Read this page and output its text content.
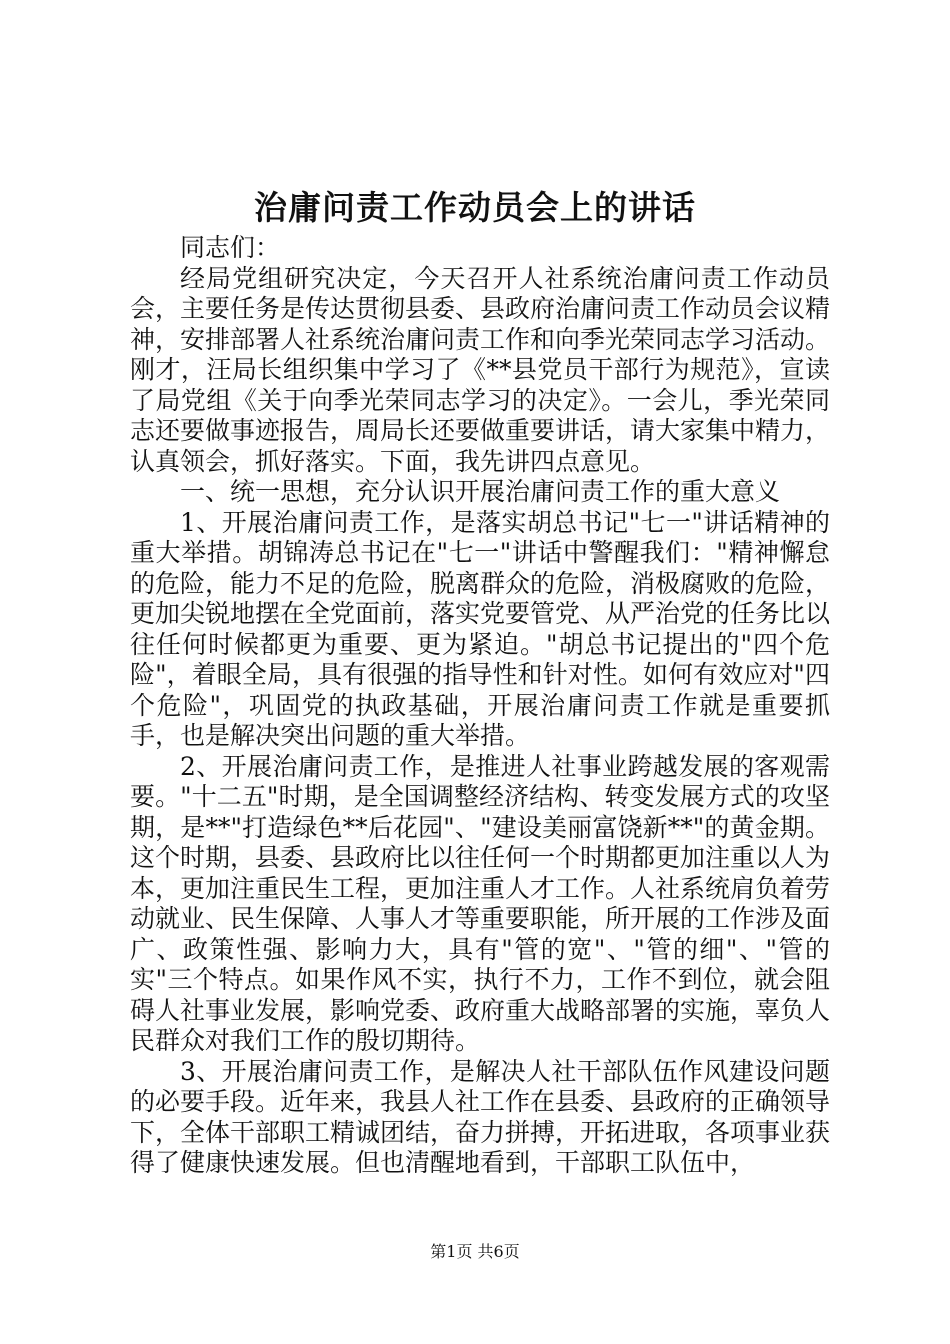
治庸问责工作动员会上的讲话

同志们：

经局党组研究决定，今天召开人社系统治庸问责工作动员会，主要任务是传达贯彻县委、县政府治庸问责工作动员会议精神，安排部署人社系统治庸问责工作和向季光荣同志学习活动。刚才，汪局长组织集中学习了《**县党员干部行为规范》，宣读了局党组《关于向季光荣同志学习的决定》。一会儿，季光荣同志还要做事迹报告，周局长还要做重要讲话，请大家集中精力，认真领会，抓好落实。下面，我先讲四点意见。

一、统一思想，充分认识开展治庸问责工作的重大意义

1、开展治庸问责工作，是落实胡总书记"七一"讲话精神的重大举措。胡锦涛总书记在"七一"讲话中警醒我们："精神懈怠的危险，能力不足的危险，脱离群众的危险，消极腐败的危险，更加尖锐地摆在全党面前，落实党要管党、从严治党的任务比以往任何时候都更为重要、更为紧迫。"胡总书记提出的"四个危险"，着眼全局，具有很强的指导性和针对性。如何有效应对"四个危险"，巩固党的执政基础，开展治庸问责工作就是重要抓手，也是解决突出问题的重大举措。

2、开展治庸问责工作，是推进人社事业跨越发展的客观需要。"十二五"时期，是全国调整经济结构、转变发展方式的攻坚期，是**"打造绿色**后花园"、"建设美丽富饶新**"的黄金期。这个时期，县委、县政府比以往任何一个时期都更加注重以人为本，更加注重民生工程，更加注重人才工作。人社系统肩负着劳动就业、民生保障、人事人才等重要职能，所开展的工作涉及面广、政策性强、影响力大，具有"管的宽"、"管的细"、"管的实"三个特点。如果作风不实，执行不力，工作不到位，就会阻碍人社事业发展，影响党委、政府重大战略部署的实施，辜负人民群众对我们工作的殷切期待。

3、开展治庸问责工作，是解决人社干部队伍作风建设问题的必要手段。近年来，我县人社工作在县委、县政府的正确领导下，全体干部职工精诚团结，奋力拼搏，开拓进取，各项事业获得了健康快速发展。但也清醒地看到，干部职工队伍中，

第1页 共6页
